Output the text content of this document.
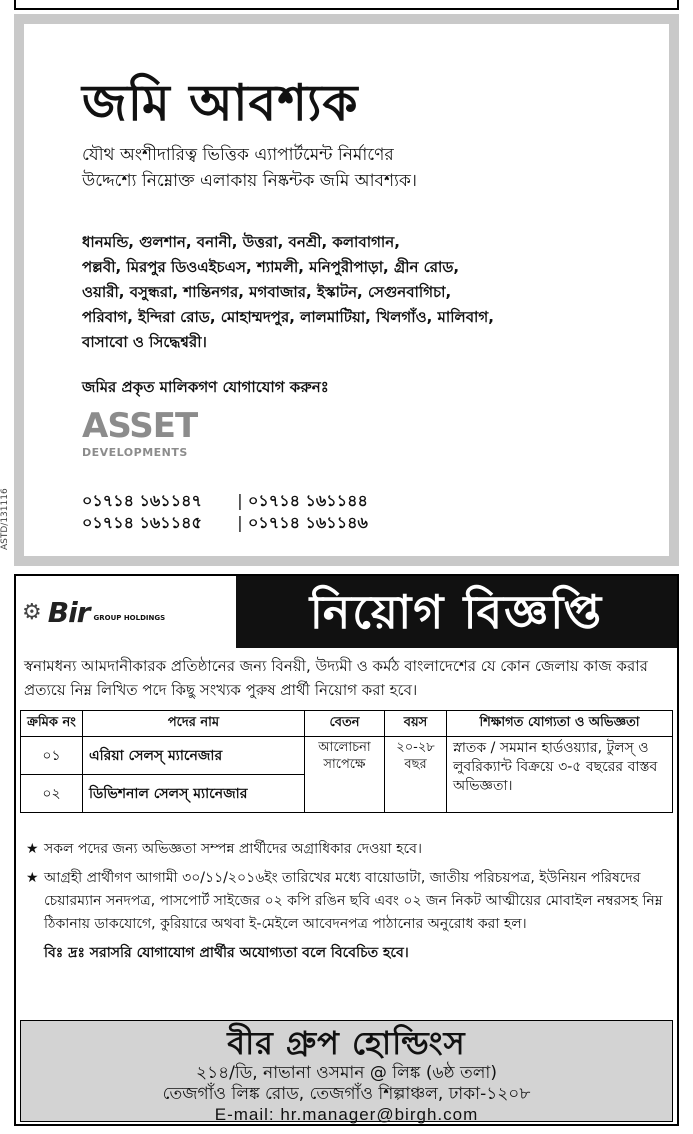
ASTD/131116
জমি আবশ্যক
যৌথ অংশীদারিত্ব ভিত্তিক এ্যাপার্টমেন্ট নির্মাণের
উদ্দেশ্যে নিম্নোক্ত এলাকায় নিষ্কন্টক জমি আবশ্যক।
ধানমন্ডি, গুলশান, বনানী, উত্তরা, বনশ্রী, কলাবাগান,
পল্লবী, মিরপুর ডিওএইচএস, শ্যামলী, মনিপুরীপাড়া, গ্রীন রোড,
ওয়ারী, বসুন্ধরা, শান্তিনগর, মগবাজার, ইস্কাটন, সেগুনবাগিচা,
পরিবাগ, ইন্দিরা রোড, মোহাম্মদপুর, লালমাটিয়া, খিলগাঁও, মালিবাগ,
বাসাবো ও সিদ্ধেশ্বরী।
জমির প্রকৃত মালিকগণ যোগাযোগ করুনঃ
ASSET
DEVELOPMENTS
০১৭১৪ ১৬১১৪৭	| ০১৭১৪ ১৬১১৪৪
০১৭১৪ ১৬১১৪৫	| ০১৭১৪ ১৬১১৪৬
⚙ Bir GROUP HOLDINGS	নিয়োগ বিজ্ঞপ্তি
স্বনামধন্য আমদানীকারক প্রতিষ্ঠানের জন্য বিনয়ী, উদ্যমী ও কর্মঠ বাংলাদেশের যে কোন জেলায় কাজ করার প্রত্যয়ে নিম্ন লিখিত পদে কিছু সংখ্যক পুরুষ প্রার্থী নিয়োগ করা হবে।
ক্রমিক নং	পদের নাম	বেতন	বয়স	শিক্ষাগত যোগ্যতা ও অভিজ্ঞতা
০১	এরিয়া সেলস্ ম্যানেজার	আলোচনা সাপেক্ষে	২০-২৮ বছর	স্নাতক / সমমান হার্ডওয়্যার, টুলস্ ও লুবরিক্যান্ট বিক্রয়ে ৩-৫ বছরের বাস্তব অভিজ্ঞতা।
০২	ডিভিশনাল সেলস্ ম্যানেজার			
★ সকল পদের জন্য অভিজ্ঞতা সম্পন্ন প্রার্থীদের অগ্রাধিকার দেওয়া হবে।
★ আগ্রহী প্রার্থীগণ আগামী ৩০/১১/২০১৬ইং তারিখের মধ্যে বায়োডাটা, জাতীয় পরিচয়পত্র, ইউনিয়ন পরিষদের চেয়ারম্যান সনদপত্র, পাসপোর্ট সাইজের ০২ কপি রঙিন ছবি এবং ০২ জন নিকট আত্মীয়ের মোবাইল নম্বরসহ নিম্ন ঠিকানায় ডাকযোগে, কুরিয়ারে অথবা ই-মেইলে আবেদনপত্র পাঠানোর অনুরোধ করা হল।
বিঃ দ্রঃ সরাসরি যোগাযোগ প্রার্থীর অযোগ্যতা বলে বিবেচিত হবে।
বীর গ্রুপ হোল্ডিংস
২১৪/ডি, নাভানা ওসমান @ লিঙ্ক (৬ষ্ঠ তলা)
তেজগাঁও লিঙ্ক রোড, তেজগাঁও শিল্পাঞ্চল, ঢাকা-১২০৮
E-mail: hr.manager@birgh.com
